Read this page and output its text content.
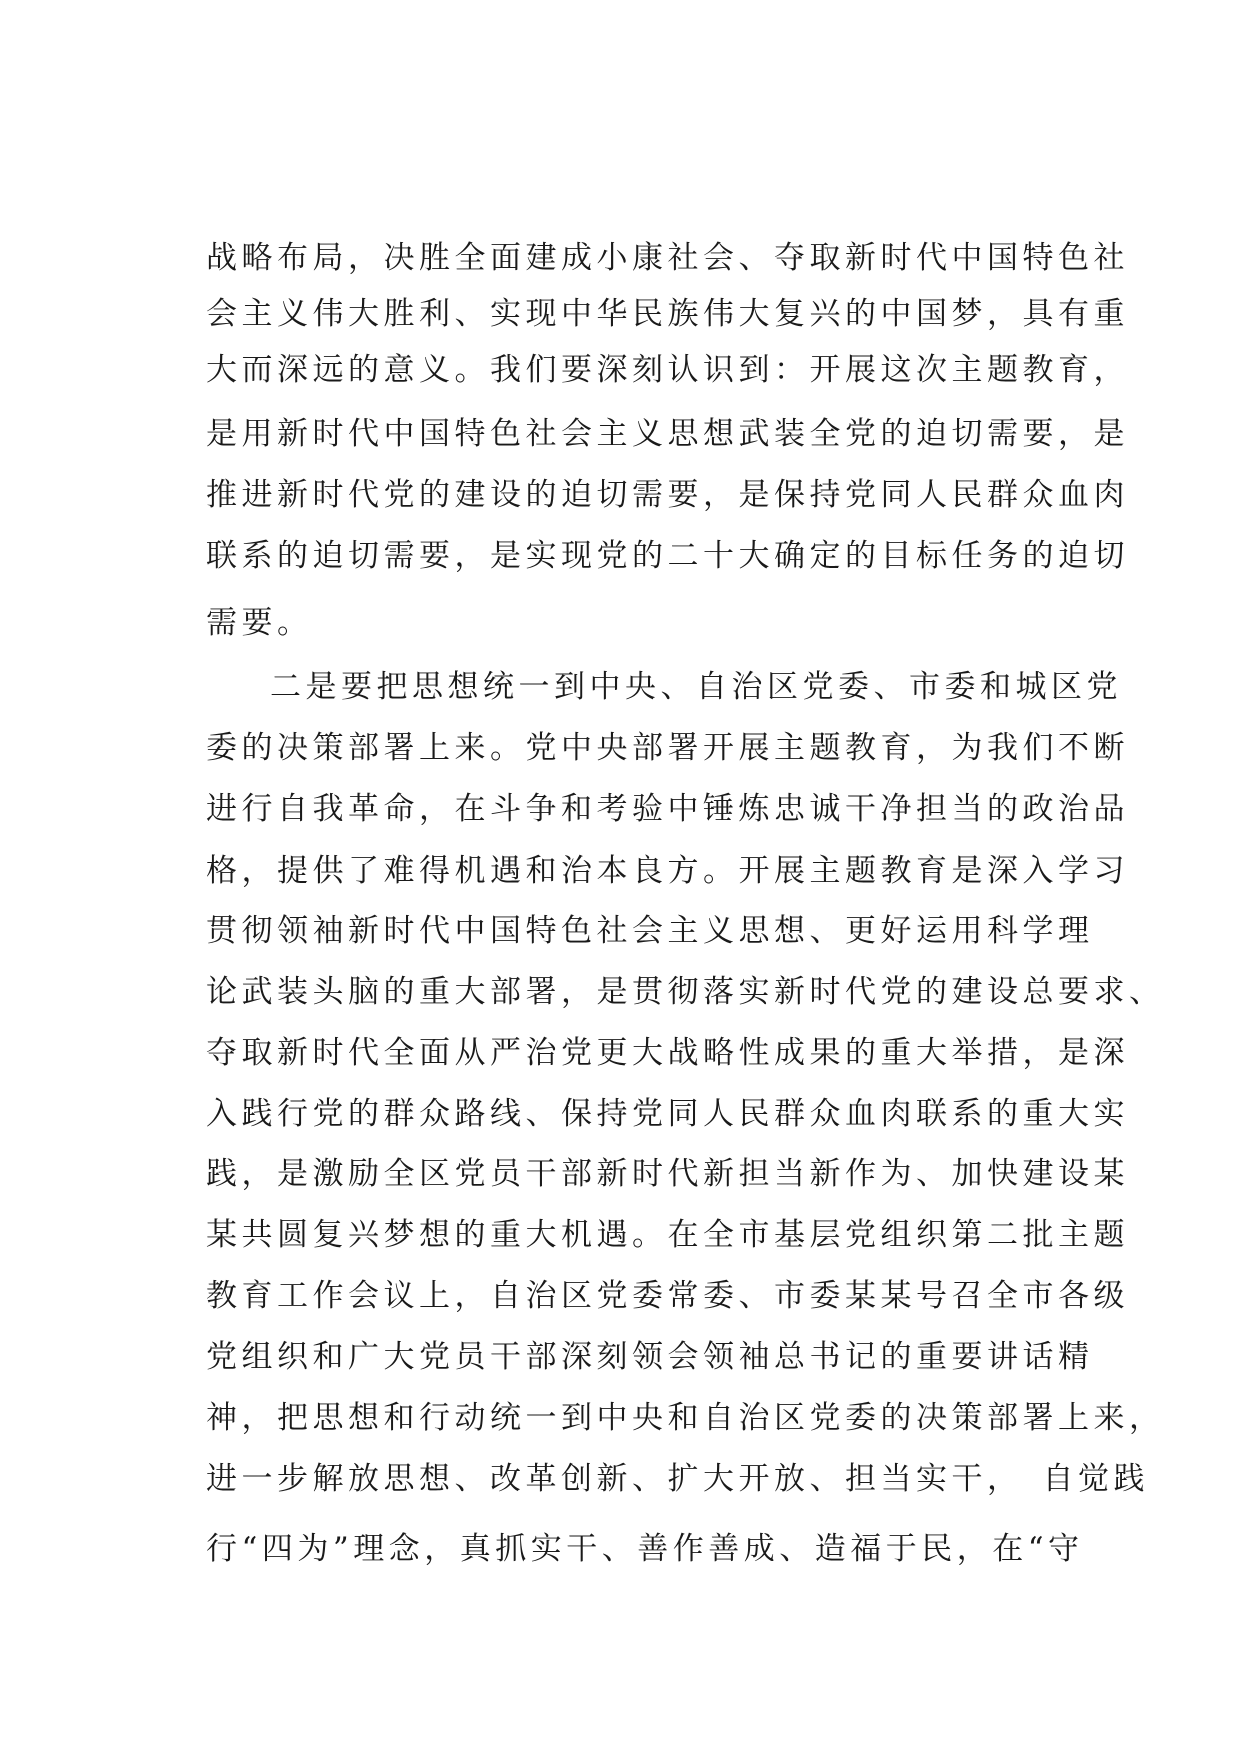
战略布局，决胜全面建成小康社会、夺取新时代中国特色社
会主义伟大胜利、实现中华民族伟大复兴的中国梦，具有重
大而深远的意义。我们要深刻认识到：开展这次主题教育，
是用新时代中国特色社会主义思想武装全党的迫切需要，是
推进新时代党的建设的迫切需要，是保持党同人民群众血肉
联系的迫切需要，是实现党的二十大确定的目标任务的迫切
需要。
二是要把思想统一到中央、自治区党委、市委和城区党
委的决策部署上来。党中央部署开展主题教育，为我们不断
进行自我革命，在斗争和考验中锤炼忠诚干净担当的政治品
格，提供了难得机遇和治本良方。开展主题教育是深入学习
贯彻领袖新时代中国特色社会主义思想、更好运用科学理
论武装头脑的重大部署，是贯彻落实新时代党的建设总要求、
夺取新时代全面从严治党更大战略性成果的重大举措，是深
入践行党的群众路线、保持党同人民群众血肉联系的重大实
践，是激励全区党员干部新时代新担当新作为、加快建设某
某共圆复兴梦想的重大机遇。在全市基层党组织第二批主题
教育工作会议上，自治区党委常委、市委某某号召全市各级
党组织和广大党员干部深刻领会领袖总书记的重要讲话精
神，把思想和行动统一到中央和自治区党委的决策部署上来，
进一步解放思想、改革创新、扩大开放、担当实干，　自觉践
行“四为”理念，真抓实干、善作善成、造福于民，在“守
